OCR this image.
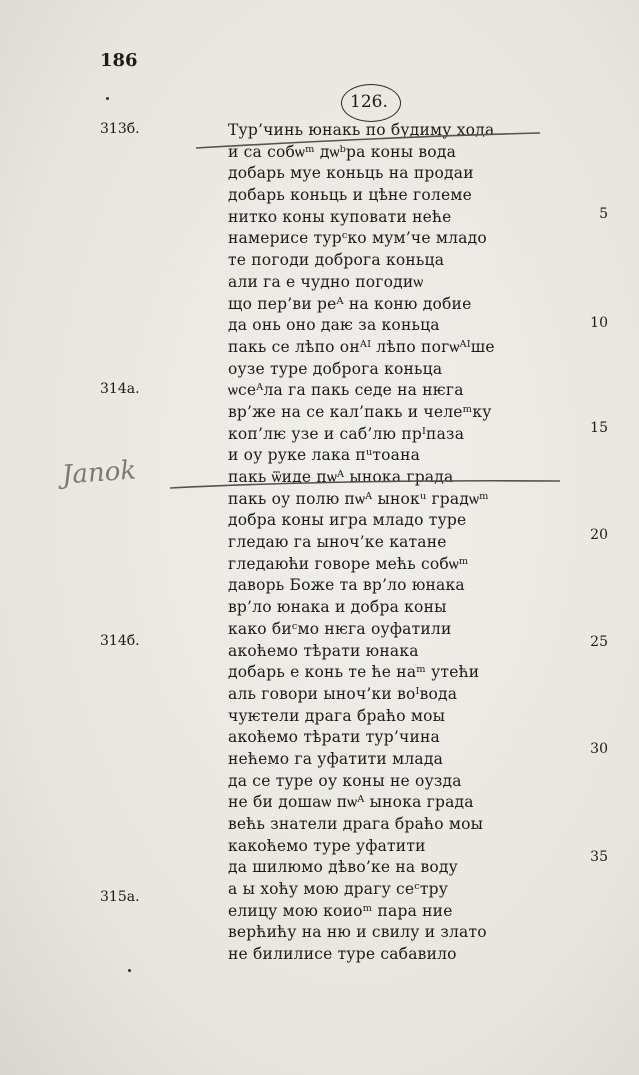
186
126.
313б.
314а.
314б.
315а.
Janok
Тур’чинь юнакь по будиму хода
и са собѡᵐ дѡᵇра коны вода
добарь муе коньць на продаи
добарь коньць и цѣне големе
нитко коны куповати нећe
намерисе турᶜко мум’че младо
те погоди доброга коньца
али га е чудно погодиѡ
що пер’ви реᴬ на коню добие
да онь оно даѥ за коньца
пакь се лѣпо онᴬᴵ лѣпо погѡᴬᴵше
оузе туре доброга коньца
ѡсеᴬла га пакь седе на нѥга
вр’же на се кал’пакь и челеᵐку
коп’лѥ узе и саб’лю прᴵпаза
и оу руке лака пᵘтоана
пакь ѿиде пѡᴬ ынока града
пакь оу полю пѡᴬ ынокᵘ градѡᵐ
добра коны игра младо туре
гледаю га ыноч’ке катане
гледаюћи говоре мећь собѡᵐ
даворь Боже та вр’ло юнака
вр’ло юнака и добра коны
како биᶜмо нѥга оуфатили
акоћемо тѣрати юнака
добарь е конь те ће наᵐ утећи
аль говори ыноч’ки воᴵвода
чуѥтели драга браћо моы
акоћемо тѣрати тур’чина
нећемо га уфатити млада
да се туре оу коны не оузда
не би дошаѡ пѡᴬ ынока града
већь знатели драга браћо моы
какоћемо туре уфатити
да шилюмо дѣво’ке на воду
а ы хоћу мою драгу сеᶜтру
елицу мою коиоᵐ пара ние
верћићу на ню и свилу и злато
не билилисе туре сабавило
5
10
15
20
25
30
35
